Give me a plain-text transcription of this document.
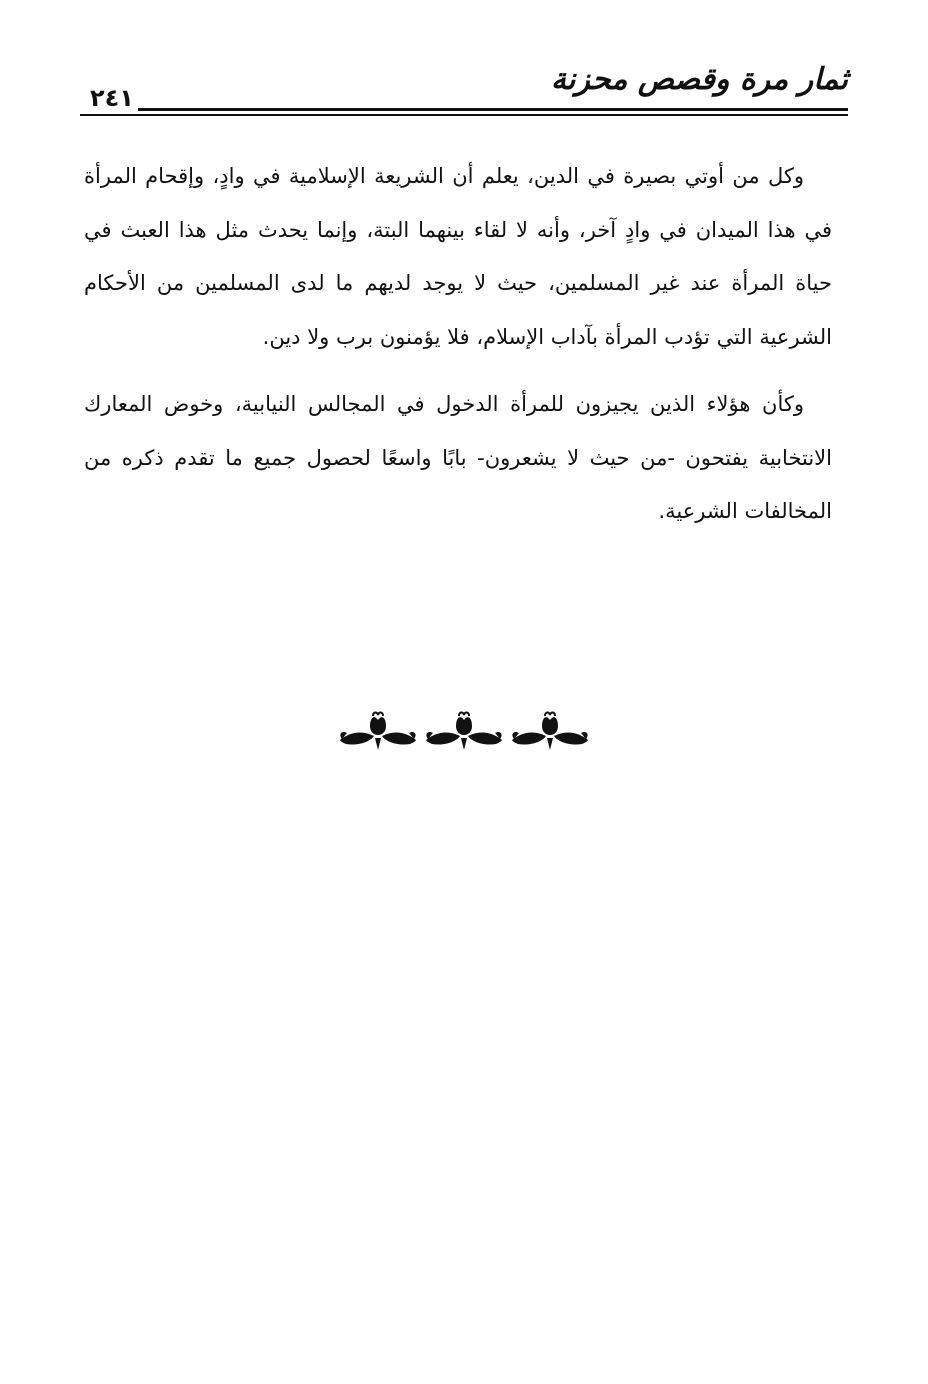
ثمار مرة وقصص محزنة
٢٤١

وكل من أوتي بصيرة في الدين، يعلم أن الشريعة الإسلامية في وادٍ، وإقحام المرأة في هذا الميدان في وادٍ آخر، وأنه لا لقاء بينهما البتة، وإنما يحدث مثل هذا العبث في حياة المرأة عند غير المسلمين، حيث لا يوجد لديهم ما لدى المسلمين من الأحكام الشرعية التي تؤدب المرأة بآداب الإسلام، فلا يؤمنون برب ولا دين.

وكأن هؤلاء الذين يجيزون للمرأة الدخول في المجالس النيابية، وخوض المعارك الانتخابية يفتحون -من حيث لا يشعرون- بابًا واسعًا لحصول جميع ما تقدم ذكره من المخالفات الشرعية.
